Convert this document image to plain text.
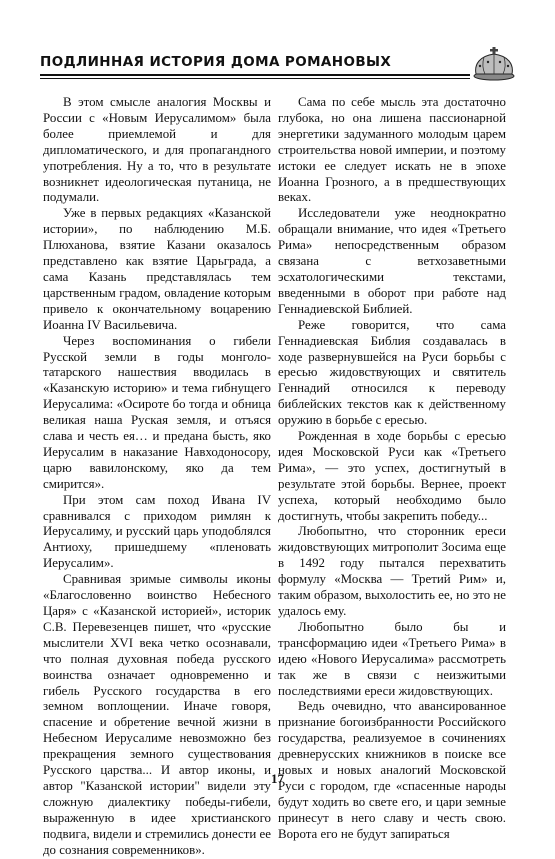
ПОДЛИННАЯ ИСТОРИЯ ДОМА РОМАНОВЫХ

В этом смысле аналогия Москвы и России с «Новым Иерусалимом» была более приемлемой и для дипломатического, и для пропагандного употребления. Ну а то, что в результате возникнет идеологическая путаница, не подумали.

Уже в первых редакциях «Казанской истории», по наблюдению М.Б. Плюханова, взятие Казани оказалось представлено как взятие Царьграда, а сама Казань представлялась тем царственным градом, овладение которым привело к окончательному воцарению Иоанна IV Васильевича.

Через воспоминания о гибели Русской земли в годы монголо-татарского нашествия вводилась в «Казанскую историю» и тема гибнущего Иерусалима: «Осироте бо тогда и обница великая наша Руская земля, и отъяся слава и честь ея… и предана бысть, яко Иерусалим в наказание Навходоносору, царю вавилонскому, яко да тем смирится».

При этом сам поход Ивана IV сравнивался с приходом римлян к Иерусалиму, и русский царь уподоблялся Антиоху, пришедшему «пленовать Иерусалим».

Сравнивая зримые символы иконы «Благословенно воинство Небесного Царя» с «Казанской историей», историк С.В. Перевезенцев пишет, что «русские мыслители XVI века четко осознавали, что полная духовная победа русского воинства означает одновременно и гибель Русского государства в его земном воплощении. Иначе говоря, спасение и обретение вечной жизни в Небесном Иерусалиме невозможно без прекращения земного существования Русского царства... И автор иконы, и автор "Казанской истории" видели эту сложную диалектику победы-гибели, выраженную в идее христианского подвига, видели и стремились донести ее до сознания современников».

Сама по себе мысль эта достаточно глубока, но она лишена пассионарной энергетики задуманного молодым царем строительства новой империи, и поэтому истоки ее следует искать не в эпохе Иоанна Грозного, а в предшествующих веках.

Исследователи уже неоднократно обращали внимание, что идея «Третьего Рима» непосредственным образом связана с ветхозаветными эсхатологическими текстами, введенными в оборот при работе над Геннадиевской Библией.

Реже говорится, что сама Геннадиевская Библия создавалась в ходе развернувшейся на Руси борьбы с ересью жидовствующих и святитель Геннадий относился к переводу библейских текстов как к действенному оружию в борьбе с ересью.

Рожденная в ходе борьбы с ересью идея Московской Руси как «Третьего Рима», — это успех, достигнутый в результате этой борьбы. Вернее, проект успеха, который необходимо было достигнуть, чтобы закрепить победу...

Любопытно, что сторонник ереси жидовствующих митрополит Зосима еще в 1492 году пытался перехватить формулу «Москва — Третий Рим» и, таким образом, выхолостить ее, но это не удалось ему.

Любопытно было бы и трансформацию идеи «Третьего Рима» в идею «Нового Иерусалима» рассмотреть так же в связи с неизжитыми последствиями ереси жидовствующих.

Ведь очевидно, что авансированное признание богоизбранности Российского государства, реализуемое в сочинениях древнерусских книжников в поиске все новых и новых аналогий Московской Руси с городом, где «спасенные народы будут ходить во свете его, и цари земные принесут в него славу и честь свою. Ворота его не будут запираться

17
